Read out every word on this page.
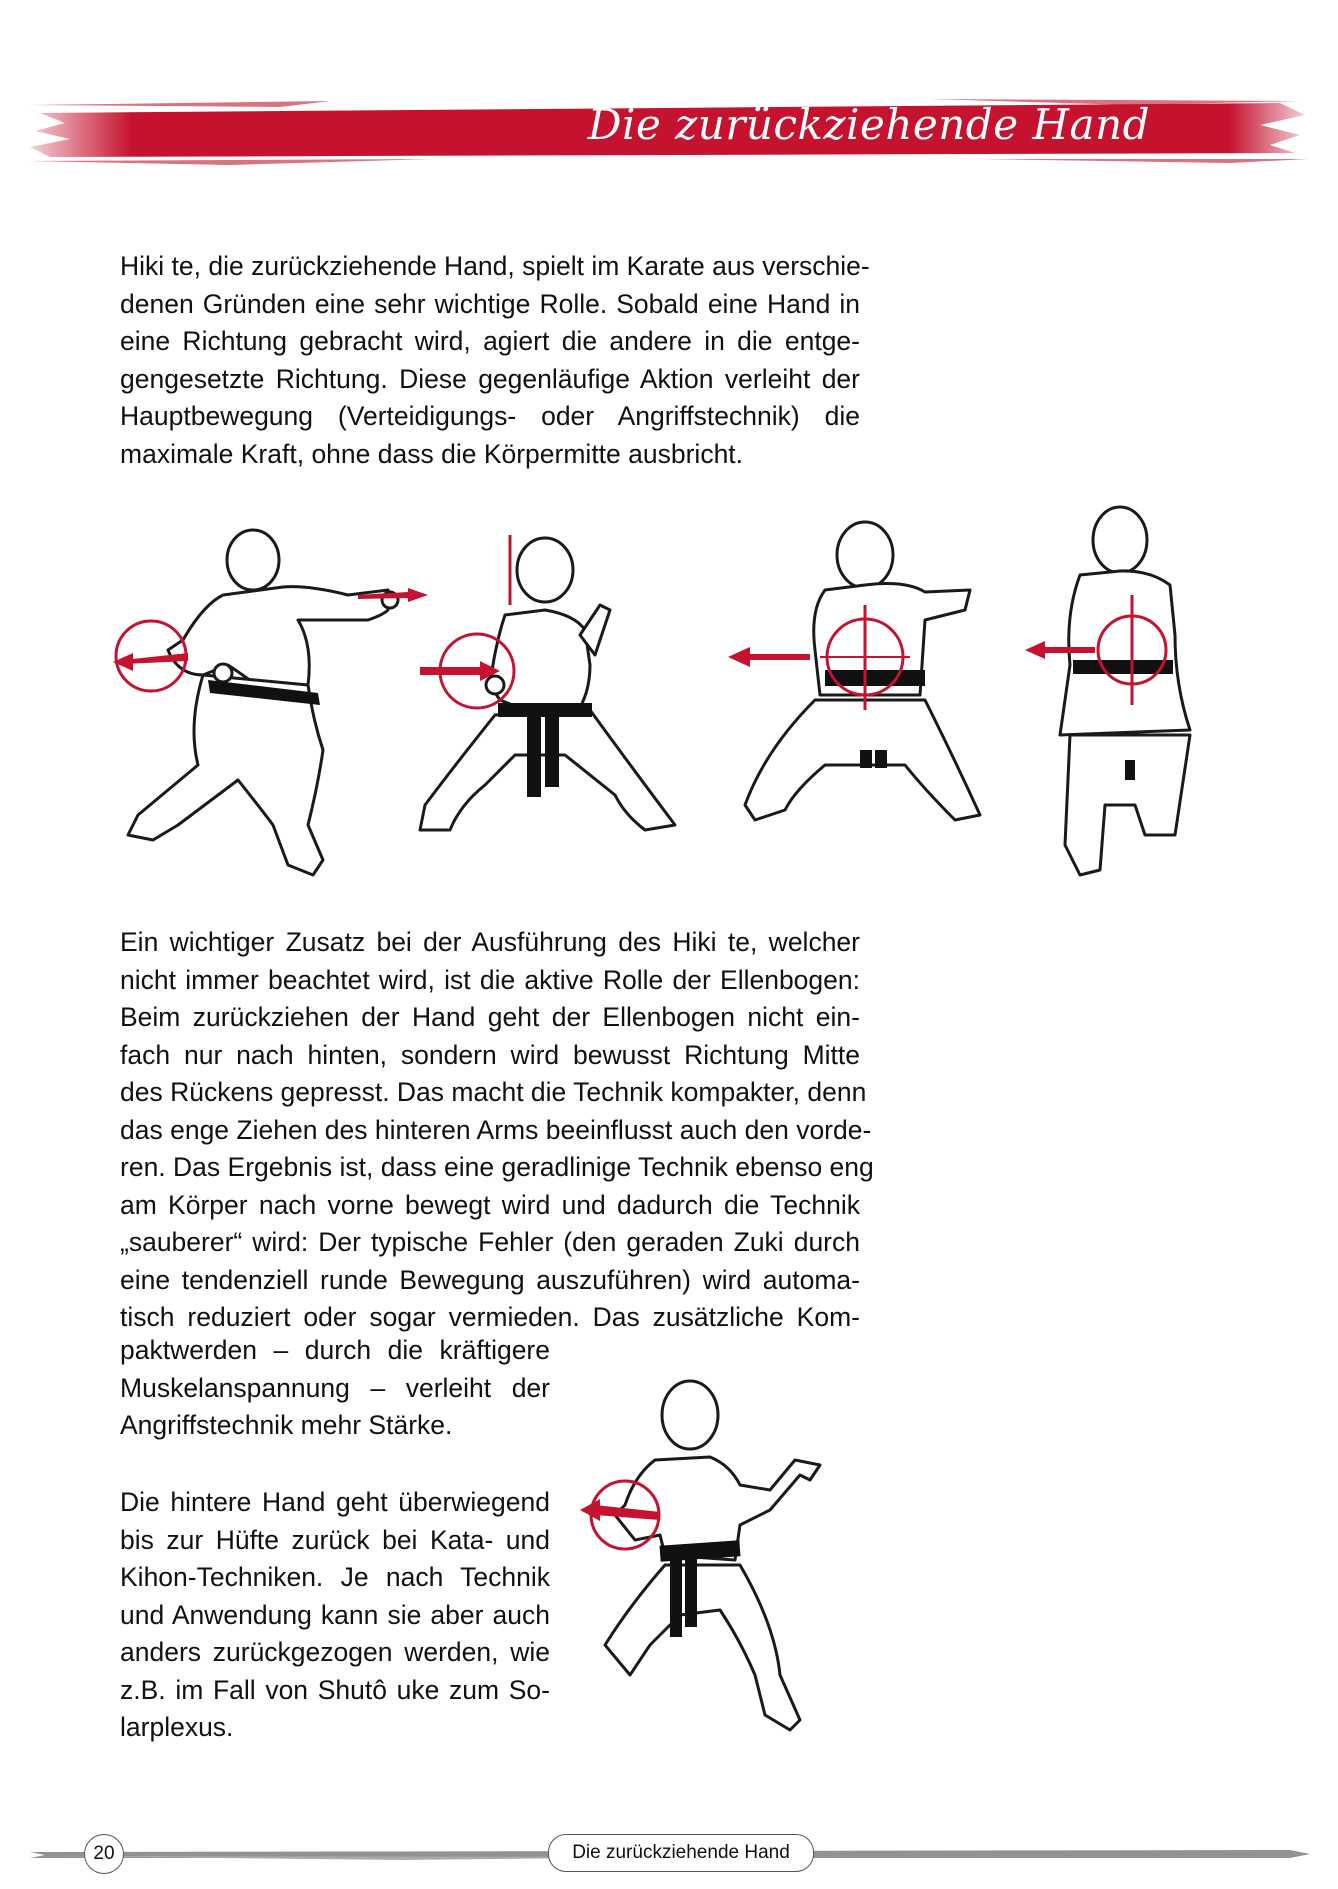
Die zurückziehende Hand
Hiki te, die zurückziehende Hand, spielt im Karate aus verschie-
denen Gründen eine sehr wichtige Rolle. Sobald eine Hand in
eine Richtung gebracht wird, agiert die andere in die entge-
gengesetzte Richtung. Diese gegenläufige Aktion verleiht der
Hauptbewegung (Verteidigungs- oder Angriffstechnik) die
maximale Kraft, ohne dass die Körpermitte ausbricht.
Ein wichtiger Zusatz bei der Ausführung des Hiki te, welcher
nicht immer beachtet wird, ist die aktive Rolle der Ellenbogen:
Beim zurückziehen der Hand geht der Ellenbogen nicht ein-
fach nur nach hinten, sondern wird bewusst Richtung Mitte
des Rückens gepresst. Das macht die Technik kompakter, denn
das enge Ziehen des hinteren Arms beeinflusst auch den vorde-
ren. Das Ergebnis ist, dass eine geradlinige Technik ebenso eng
am Körper nach vorne bewegt wird und dadurch die Technik
„sauberer“ wird: Der typische Fehler (den geraden Zuki durch
eine tendenziell runde Bewegung auszuführen) wird automa-
tisch reduziert oder sogar vermieden. Das zusätzliche Kom-
paktwerden – durch die kräftigere
Muskelanspannung – verleiht der
Angriffstechnik mehr Stärke.
Die hintere Hand geht überwiegend
bis zur Hüfte zurück bei Kata- und
Kihon-Techniken. Je nach Technik
und Anwendung kann sie aber auch
anders zurückgezogen werden, wie
z.B. im Fall von Shutô uke zum So-
larplexus.
20	Die zurückziehende Hand
